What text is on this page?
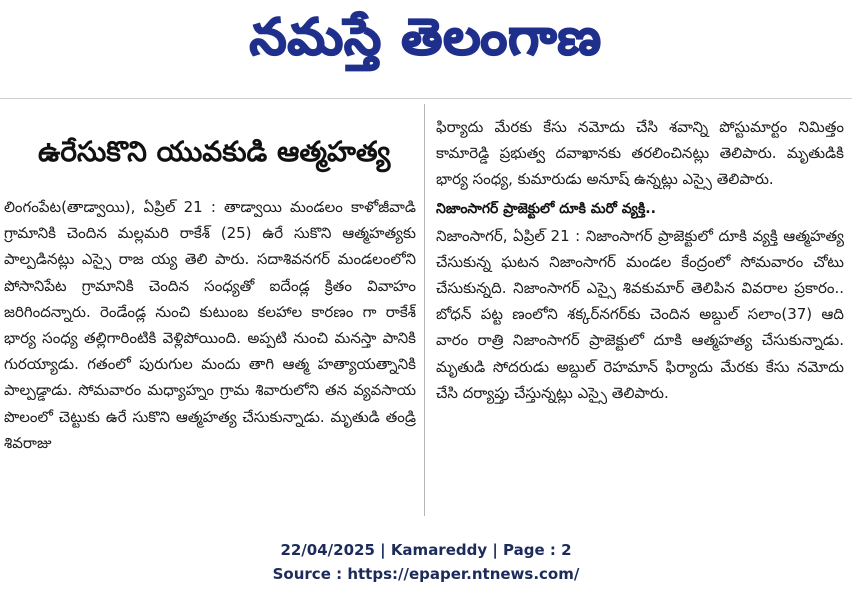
నమస్తే తెలంగాణ
ఉరేసుకొని యువకుడి ఆత్మహత్య
లింగంపేట(తాడ్వాయి), ఏప్రిల్ 21 : తాడ్వాయి మండలం కాళోజీవాడి గ్రామానికి చెందిన మల్లమరి రాకేశ్ (25) ఉరే సుకొని ఆత్మహత్యకు పాల్పడినట్లు ఎస్సై రాజ య్య తెలి పారు. సదాశివనగర్ మండలంలోని పోసానిపేట గ్రామానికి చెందిన సంధ్యతో ఐదేండ్ల క్రితం వివాహం జరిగిందన్నారు. రెండేండ్ల నుంచి కుటుంబ కలహాల కారణం గా రాకేశ్ భార్య సంధ్య తల్లిగారింటికి వెళ్లిపోయింది. అప్పటి నుంచి మనస్తా పానికి గురయ్యాడు. గతంలో పురుగుల మందు తాగి ఆత్మ హత్యాయత్నానికి పాల్పడ్డాడు. సోమవారం మధ్యాహ్నం గ్రామ శివారులోని తన వ్యవసాయ పొలంలో చెట్టుకు ఉరే సుకొని ఆత్మహత్య చేసుకున్నాడు. మృతుడి తండ్రి శివరాజు
ఫిర్యాదు మేరకు కేసు నమోదు చేసి శవాన్ని పోస్టుమార్టం నిమిత్తం కామారెడ్డి ప్రభుత్వ దవాఖానకు తరలించినట్లు తెలిపారు. మృతుడికి భార్య సంధ్య, కుమారుడు అనూష్ ఉన్నట్లు ఎస్సై తెలిపారు.
నిజాంసాగర్ ప్రాజెక్టులో దూకి మరో వ్యక్తి..
నిజాంసాగర్, ఏప్రిల్ 21 : నిజాంసాగర్ ప్రాజెక్టులో దూకి వ్యక్తి ఆత్మహత్య చేసుకున్న ఘటన నిజాంసాగర్ మండల కేంద్రంలో సోమవారం చోటు చేసుకున్నది. నిజాంసాగర్ ఎస్సై శివకుమార్ తెలిపిన వివరాల ప్రకారం.. బోధన్ పట్ట ణంలోని శక్కర్‌నగర్‌కు చెందిన అబ్దుల్ సలాం(37) ఆది వారం రాత్రి నిజాంసాగర్ ప్రాజెక్టులో దూకి ఆత్మహత్య చేసుకున్నాడు. మృతుడి సోదరుడు అబ్దుల్ రెహమాన్ ఫిర్యాదు మేరకు కేసు నమోదు చేసి దర్యాప్తు చేస్తున్నట్లు ఎస్సై తెలిపారు.
22/04/2025 | Kamareddy | Page : 2
Source : https://epaper.ntnews.com/
